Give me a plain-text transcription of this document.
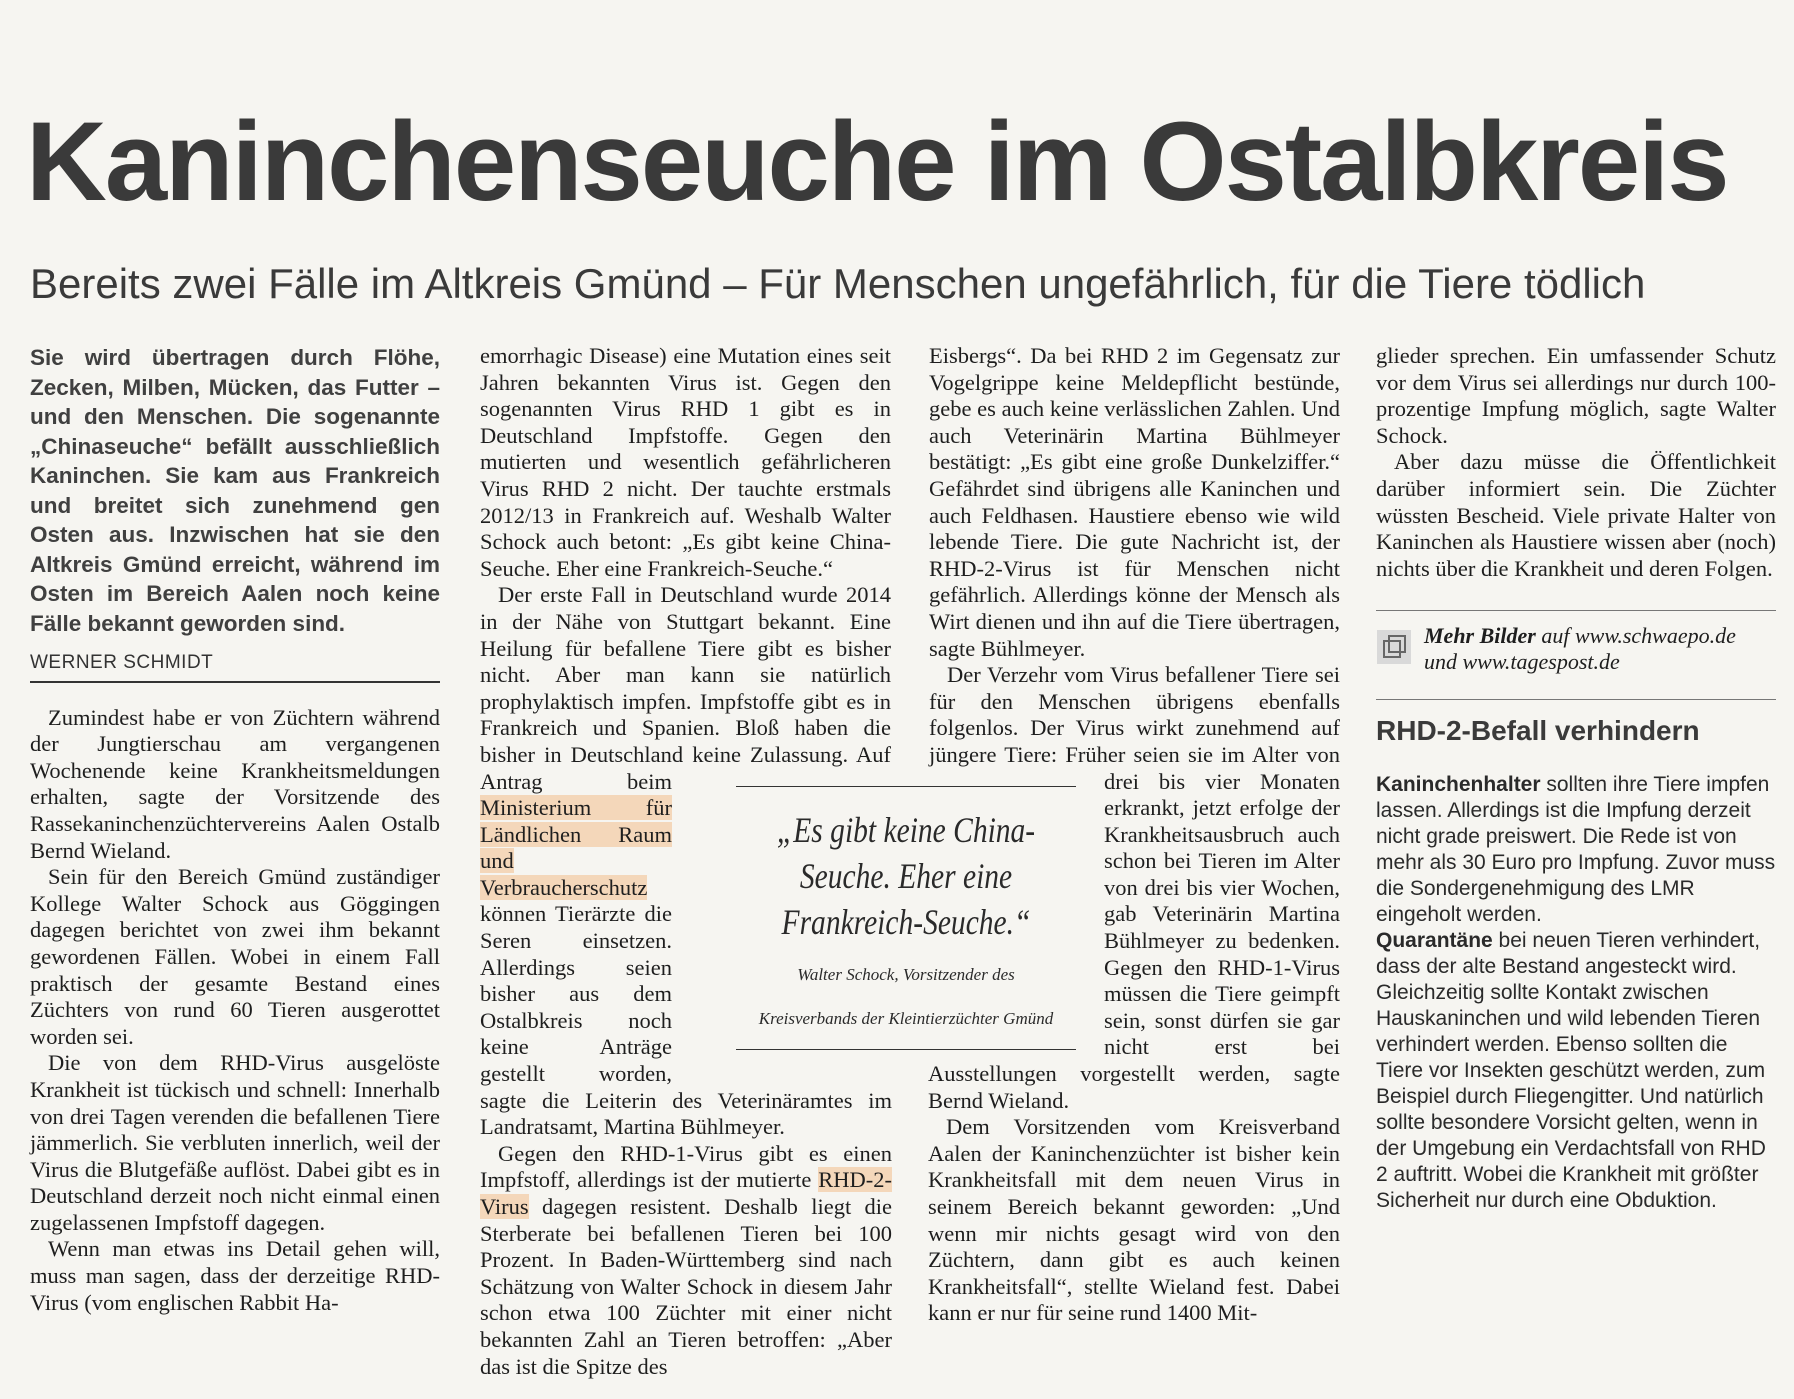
Kaninchenseuche im Ostalbkreis
Bereits zwei Fälle im Altkreis Gmünd – Für Menschen ungefährlich, für die Tiere tödlich

Sie wird übertragen durch Flöhe, Zecken, Milben, Mücken, das Futter – und den Menschen. Die sogenannte „Chinaseuche“ befällt ausschließlich Kaninchen. Sie kam aus Frankreich und breitet sich zunehmend gen Osten aus. Inzwischen hat sie den Altkreis Gmünd erreicht, während im Osten im Bereich Aalen noch keine Fälle bekannt geworden sind.

WERNER SCHMIDT

Zumindest habe er von Züchtern während der Jungtierschau am vergangenen Wochenende keine Krankheitsmeldungen erhalten, sagte der Vorsitzende des Rassekaninchenzüchtervereins Aalen Ostalb Bernd Wieland.

Sein für den Bereich Gmünd zuständiger Kollege Walter Schock aus Göggingen dagegen berichtet von zwei ihm bekannt gewordenen Fällen. Wobei in einem Fall praktisch der gesamte Bestand eines Züchters von rund 60 Tieren ausgerottet worden sei.

Die von dem RHD-Virus ausgelöste Krankheit ist tückisch und schnell: Innerhalb von drei Tagen verenden die befallenen Tiere jämmerlich. Sie verbluten innerlich, weil der Virus die Blutgefäße auflöst. Dabei gibt es in Deutschland derzeit noch nicht einmal einen zugelassenen Impfstoff dagegen.

Wenn man etwas ins Detail gehen will, muss man sagen, dass der derzeitige RHD-Virus (vom englischen Rabbit Ha-

emorrhagic Disease) eine Mutation eines seit Jahren bekannten Virus ist. Gegen den sogenannten Virus RHD 1 gibt es in Deutschland Impfstoffe. Gegen den mutierten und wesentlich gefährlicheren Virus RHD 2 nicht. Der tauchte erstmals 2012/13 in Frankreich auf. Weshalb Walter Schock auch betont: „Es gibt keine China-Seuche. Eher eine Frankreich-Seuche.“

Der erste Fall in Deutschland wurde 2014 in der Nähe von Stuttgart bekannt. Eine Heilung für befallene Tiere gibt es bisher nicht. Aber man kann sie natürlich prophylaktisch impfen. Impfstoffe gibt es in Frankreich und Spanien. Bloß haben die bisher in Deutschland keine Zulassung. Auf Antrag beim Ministerium für Ländlichen Raum und Verbraucherschutz können Tierärzte die Seren einsetzen. Allerdings seien bisher aus dem Ostalbkreis noch keine Anträge gestellt worden, sagte die Leiterin des Veterinäramtes im Landratsamt, Martina Bühlmeyer.

Gegen den RHD-1-Virus gibt es einen Impfstoff, allerdings ist der mutierte RHD-2-Virus dagegen resistent. Deshalb liegt die Sterberate bei befallenen Tieren bei 100 Prozent. In Baden-Württemberg sind nach Schätzung von Walter Schock in diesem Jahr schon etwa 100 Züchter mit einer nicht bekannten Zahl an Tieren betroffen: „Aber das ist die Spitze des

Eisbergs“. Da bei RHD 2 im Gegensatz zur Vogelgrippe keine Meldepflicht bestünde, gebe es auch keine verlässlichen Zahlen. Und auch Veterinärin Martina Bühlmeyer bestätigt: „Es gibt eine große Dunkelziffer.“ Gefährdet sind übrigens alle Kaninchen und auch Feldhasen. Haustiere ebenso wie wild lebende Tiere. Die gute Nachricht ist, der RHD-2-Virus ist für Menschen nicht gefährlich. Allerdings könne der Mensch als Wirt dienen und ihn auf die Tiere übertragen, sagte Bühlmeyer.

Der Verzehr vom Virus befallener Tiere sei für den Menschen übrigens ebenfalls folgenlos. Der Virus wirkt zunehmend auf jüngere Tiere: Früher seien sie im Alter von drei bis vier Monaten erkrankt, jetzt erfolge der Krankheitsausbruch auch schon bei Tieren im Alter von drei bis vier Wochen, gab Veterinärin Martina Bühlmeyer zu bedenken. Gegen den RHD-1-Virus müssen die Tiere geimpft sein, sonst dürfen sie gar nicht erst bei Ausstellungen vorgestellt werden, sagte Bernd Wieland.

Dem Vorsitzenden vom Kreisverband Aalen der Kaninchenzüchter ist bisher kein Krankheitsfall mit dem neuen Virus in seinem Bereich bekannt geworden: „Und wenn mir nichts gesagt wird von den Züchtern, dann gibt es auch keinen Krankheitsfall“, stellte Wieland fest. Dabei kann er nur für seine rund 1400 Mit-

„Es gibt keine China-Seuche. Eher eine Frankreich-Seuche.“

Walter Schock, Vorsitzender des
Kreisverbands der Kleintierzüchter Gmünd

glieder sprechen. Ein umfassender Schutz vor dem Virus sei allerdings nur durch 100-prozentige Impfung möglich, sagte Walter Schock.

Aber dazu müsse die Öffentlichkeit darüber informiert sein. Die Züchter wüssten Bescheid. Viele private Halter von Kaninchen als Haustiere wissen aber (noch) nichts über die Krankheit und deren Folgen.

Mehr Bilder auf www.schwaepo.de
und www.tagespost.de
RHD-2-Befall verhindern

Kaninchenhalter sollten ihre Tiere impfen lassen. Allerdings ist die Impfung derzeit nicht grade preiswert. Die Rede ist von mehr als 30 Euro pro Impfung. Zuvor muss die Sondergenehmigung des LMR eingeholt werden.

Quarantäne bei neuen Tieren verhindert, dass der alte Bestand angesteckt wird. Gleichzeitig sollte Kontakt zwischen Hauskaninchen und wild lebenden Tieren verhindert werden. Ebenso sollten die Tiere vor Insekten geschützt werden, zum Beispiel durch Fliegengitter. Und natürlich sollte besondere Vorsicht gelten, wenn in der Umgebung ein Verdachtsfall von RHD 2 auftritt. Wobei die Krankheit mit größter Sicherheit nur durch eine Obduktion.
